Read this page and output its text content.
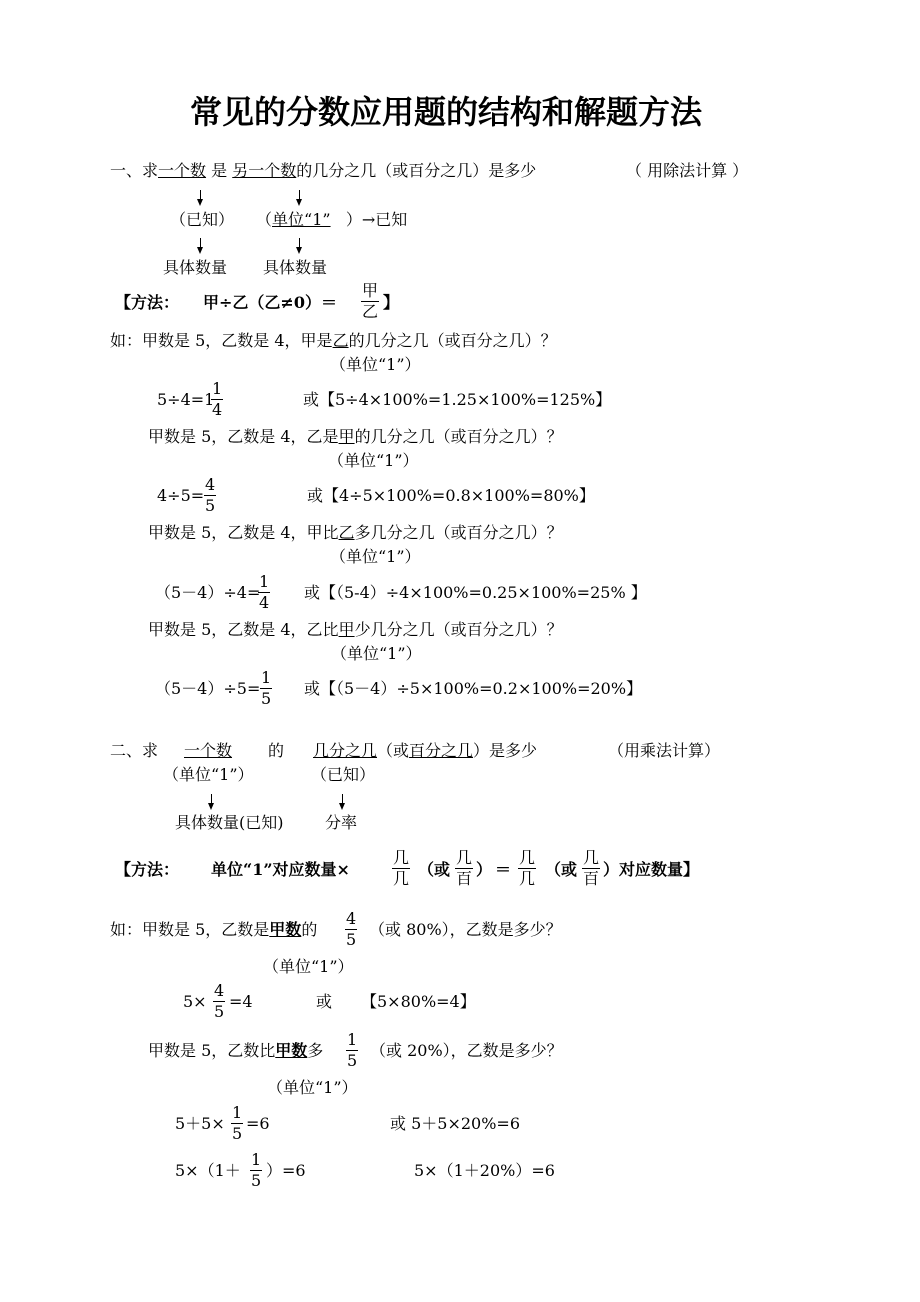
常见的分数应用题的结构和解题方法
一、求一个数 是 另一个数的几分之几（或百分之几）是多少	（ 用除法计算 ）
（已知） （单位“1” ）→已知
具体数量 具体数量
【方法： 甲÷乙（乙≠0）＝
甲
乙 】
如：甲数是 5，乙数是 4，甲是乙的几分之几（或百分之几）？
（单位“1”）
5÷4=1
1
4
或【5÷4×100%=1.25×100%=125%】
甲数是 5，乙数是 4，乙是甲的几分之几（或百分之几）？
（单位“1”）
4÷5=
4
5
或【4÷5×100%=0.8×100%=80%】
甲数是 5，乙数是 4，甲比乙多几分之几（或百分之几）？
（单位“1”）
（5－4）÷4=
1
4
或【（5-4）÷4×100%=0.25×100%=25% 】
甲数是 5，乙数是 4，乙比甲少几分之几（或百分之几）？
（单位“1”）
（5－4）÷5=
1
5
或【（5－4）÷5×100%=0.2×100%=20%】
二、求 一个数 的 几分之几（或百分之几）是多少	（用乘法计算）
（单位“1”）	（已知）
具体数量(已知)	分率
【方法： 单位“1”对应数量×
几
几 （或
几
百 ） ＝
几
几 （或
几
百 ）对应数量】
如：甲数是 5，乙数是甲数的
4
5
（或 80%），乙数是多少？
（单位“1”）
5×
4
5
=4	或 【5×80%=4】
甲数是 5，乙数比甲数多
1
5
（或 20%），乙数是多少？
（单位“1”）
5＋5×
1
5
=6	或 5＋5×20%=6
5×（1＋
1
5
）=6	5×（1＋20%）=6
